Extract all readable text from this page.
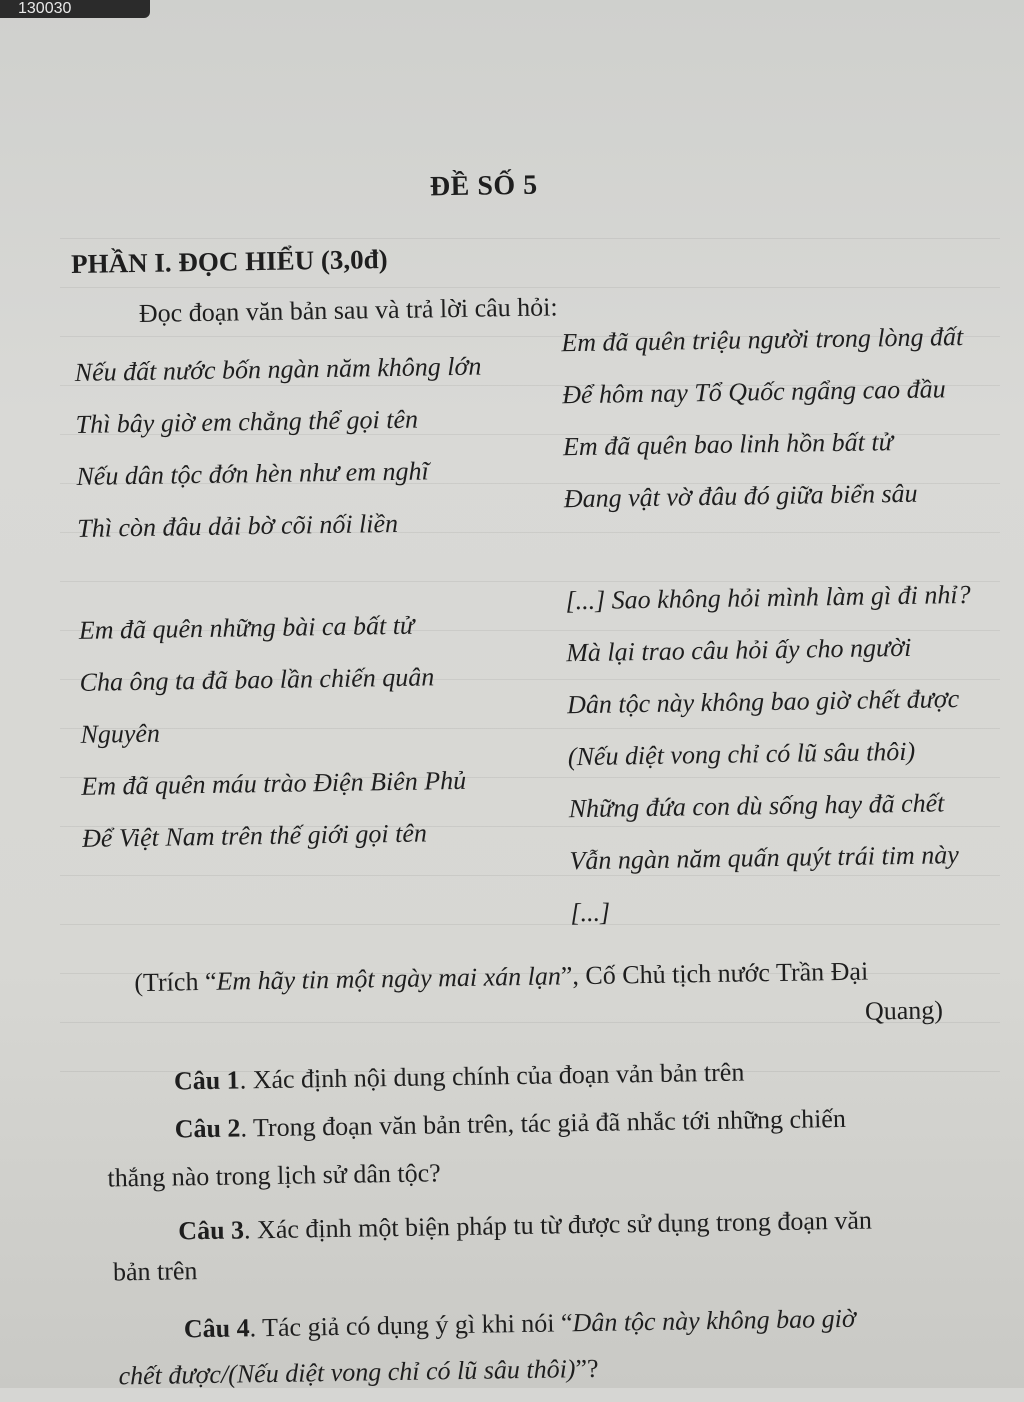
130030
ĐỀ SỐ 5
PHẦN I. ĐỌC HIỂU (3,0đ)
Đọc đoạn văn bản sau và trả lời câu hỏi:
Nếu đất nước bốn ngàn năm không lớn
Thì bây giờ em chẳng thể gọi tên
Nếu dân tộc đớn hèn như em nghĩ
Thì còn đâu dải bờ cõi nối liền
Em đã quên những bài ca bất tử
Cha ông ta đã bao lần chiến quân
Nguyên
Em đã quên máu trào Điện Biên Phủ
Để Việt Nam trên thế giới gọi tên
Em đã quên triệu người trong lòng đất
Để hôm nay Tổ Quốc ngẩng cao đầu
Em đã quên bao linh hồn bất tử
Đang vật vờ đâu đó giữa biển sâu
[...] Sao không hỏi mình làm gì đi nhỉ?
Mà lại trao câu hỏi ấy cho người
Dân tộc này không bao giờ chết được
(Nếu diệt vong chỉ có lũ sâu thôi)
Những đứa con dù sống hay đã chết
Vẫn ngàn năm quấn quýt trái tim này
[...]
(Trích “Em hãy tin một ngày mai xán lạn”, Cố Chủ tịch nước Trần Đại
Quang)
Câu 1. Xác định nội dung chính của đoạn vản bản trên
Câu 2. Trong đoạn văn bản trên, tác giả đã nhắc tới những chiến
thắng nào trong lịch sử dân tộc?
Câu 3. Xác định một biện pháp tu từ được sử dụng trong đoạn văn
bản trên
Câu 4. Tác giả có dụng ý gì khi nói “Dân tộc này không bao giờ
chết được/(Nếu diệt vong chỉ có lũ sâu thôi)”?
